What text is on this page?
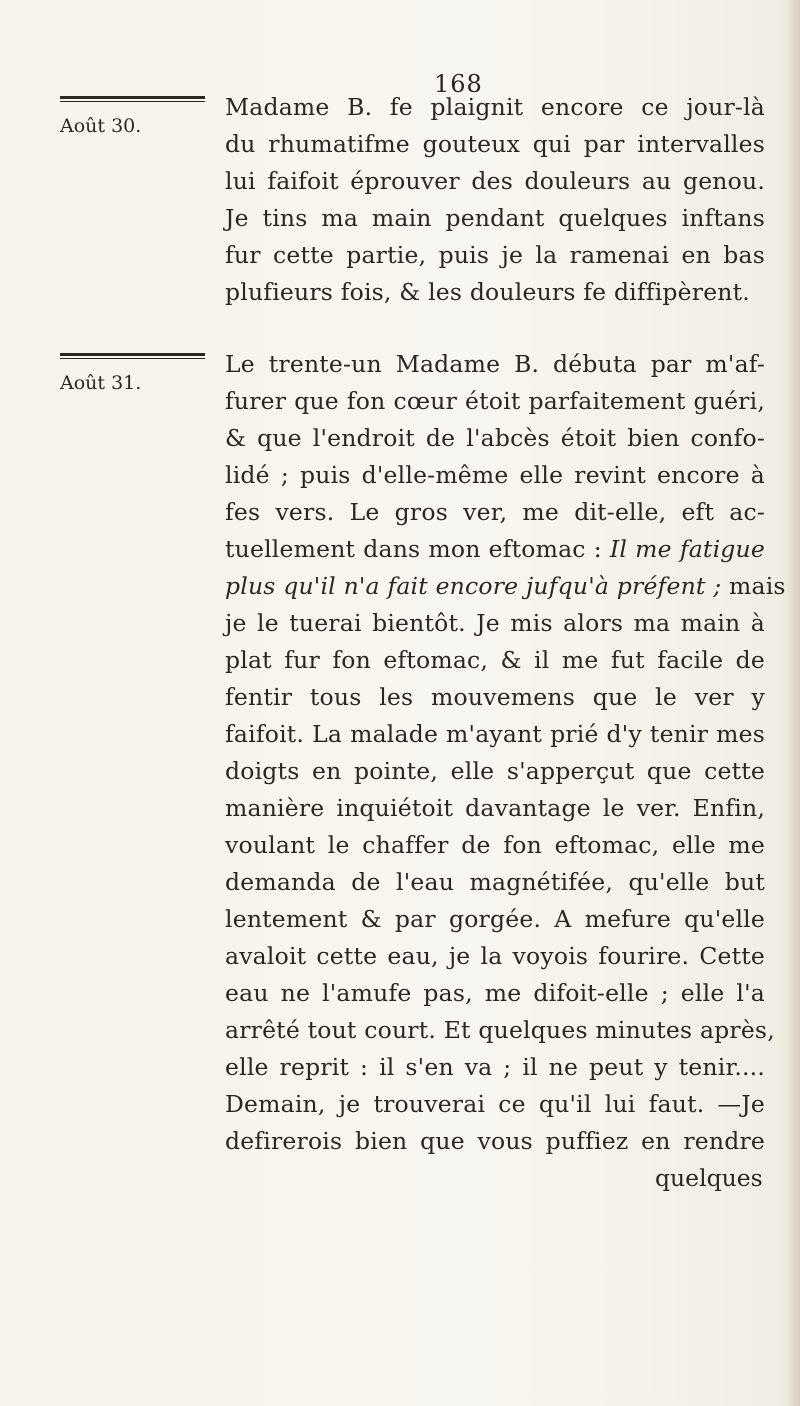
168
Août 30.
Madame B. fe plaignit encore ce jour-là
du rhumatifme gouteux qui par intervalles
lui faifoit éprouver des douleurs au genou.
Je tins ma main pendant quelques inftans
fur cette partie, puis je la ramenai en bas
plufieurs fois, & les douleurs fe diffipèrent.
Août 31.
Le trente-un Madame B. débuta par m'af-
furer que fon cœur étoit parfaitement guéri,
& que l'endroit de l'abcès étoit bien confo-
lidé ; puis d'elle-même elle revint encore à
fes vers. Le gros ver, me dit-elle, eft ac-
tuellement dans mon eftomac : Il me fatigue
plus qu'il n'a fait encore jufqu'à préfent ; mais
je le tuerai bientôt. Je mis alors ma main à
plat fur fon eftomac, & il me fut facile de
fentir tous les mouvemens que le ver y
faifoit. La malade m'ayant prié d'y tenir mes
doigts en pointe, elle s'apperçut que cette
manière inquiétoit davantage le ver. Enfin,
voulant le chaffer de fon eftomac, elle me
demanda de l'eau magnétifée, qu'elle but
lentement & par gorgée. A mefure qu'elle
avaloit cette eau, je la voyois fourire. Cette
eau ne l'amufe pas, me difoit-elle ; elle l'a
arrêté tout court. Et quelques minutes après,
elle reprit : il s'en va ; il ne peut y tenir....
Demain, je trouverai ce qu'il lui faut. —Je
defirerois bien que vous puffiez en rendre
quelques
